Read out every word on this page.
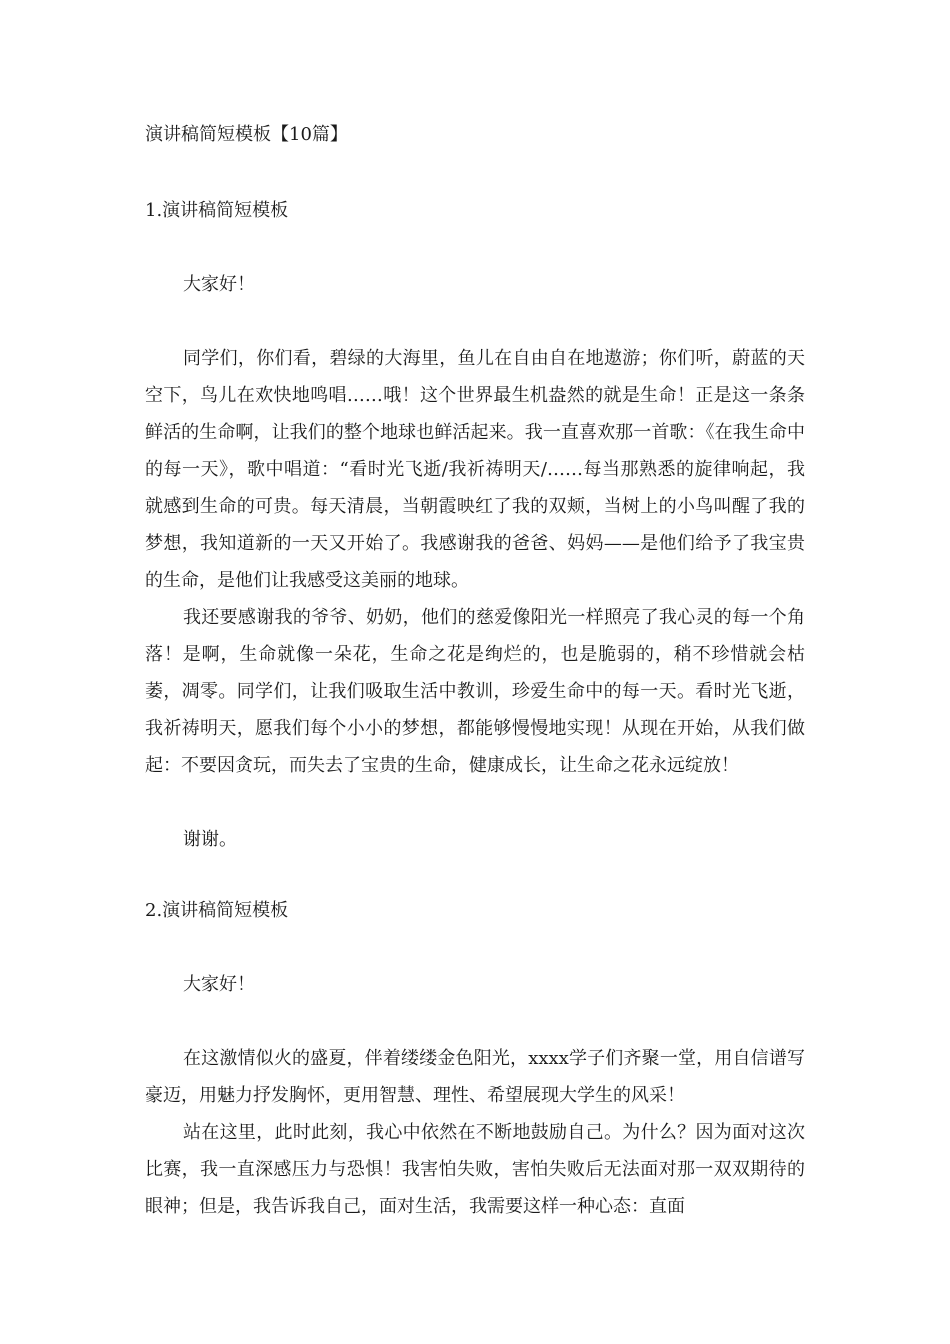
演讲稿简短模板【10篇】
1.演讲稿简短模板

大家好！

同学们，你们看，碧绿的大海里，鱼儿在自由自在地遨游；你们听，蔚蓝的天空下，鸟儿在欢快地鸣唱……哦！这个世界最生机盎然的就是生命！正是这一条条鲜活的生命啊，让我们的整个地球也鲜活起来。我一直喜欢那一首歌：《在我生命中的每一天》，歌中唱道：“看时光飞逝/我祈祷明天/……每当那熟悉的旋律响起，我就感到生命的可贵。每天清晨，当朝霞映红了我的双颊，当树上的小鸟叫醒了我的梦想，我知道新的一天又开始了。我感谢我的爸爸、妈妈——是他们给予了我宝贵的生命，是他们让我感受这美丽的地球。

我还要感谢我的爷爷、奶奶，他们的慈爱像阳光一样照亮了我心灵的每一个角落！是啊，生命就像一朵花，生命之花是绚烂的，也是脆弱的，稍不珍惜就会枯萎，凋零。同学们，让我们吸取生活中教训，珍爱生命中的每一天。看时光飞逝，我祈祷明天，愿我们每个小小的梦想，都能够慢慢地实现！从现在开始，从我们做起：不要因贪玩，而失去了宝贵的生命，健康成长，让生命之花永远绽放！

谢谢。

2.演讲稿简短模板

大家好！

在这激情似火的盛夏，伴着缕缕金色阳光，xxxx学子们齐聚一堂，用自信谱写豪迈，用魅力抒发胸怀，更用智慧、理性、希望展现大学生的风采！

站在这里，此时此刻，我心中依然在不断地鼓励自己。为什么？因为面对这次比赛，我一直深感压力与恐惧！我害怕失败，害怕失败后无法面对那一双双期待的眼神；但是，我告诉我自己，面对生活，我需要这样一种心态：直面
